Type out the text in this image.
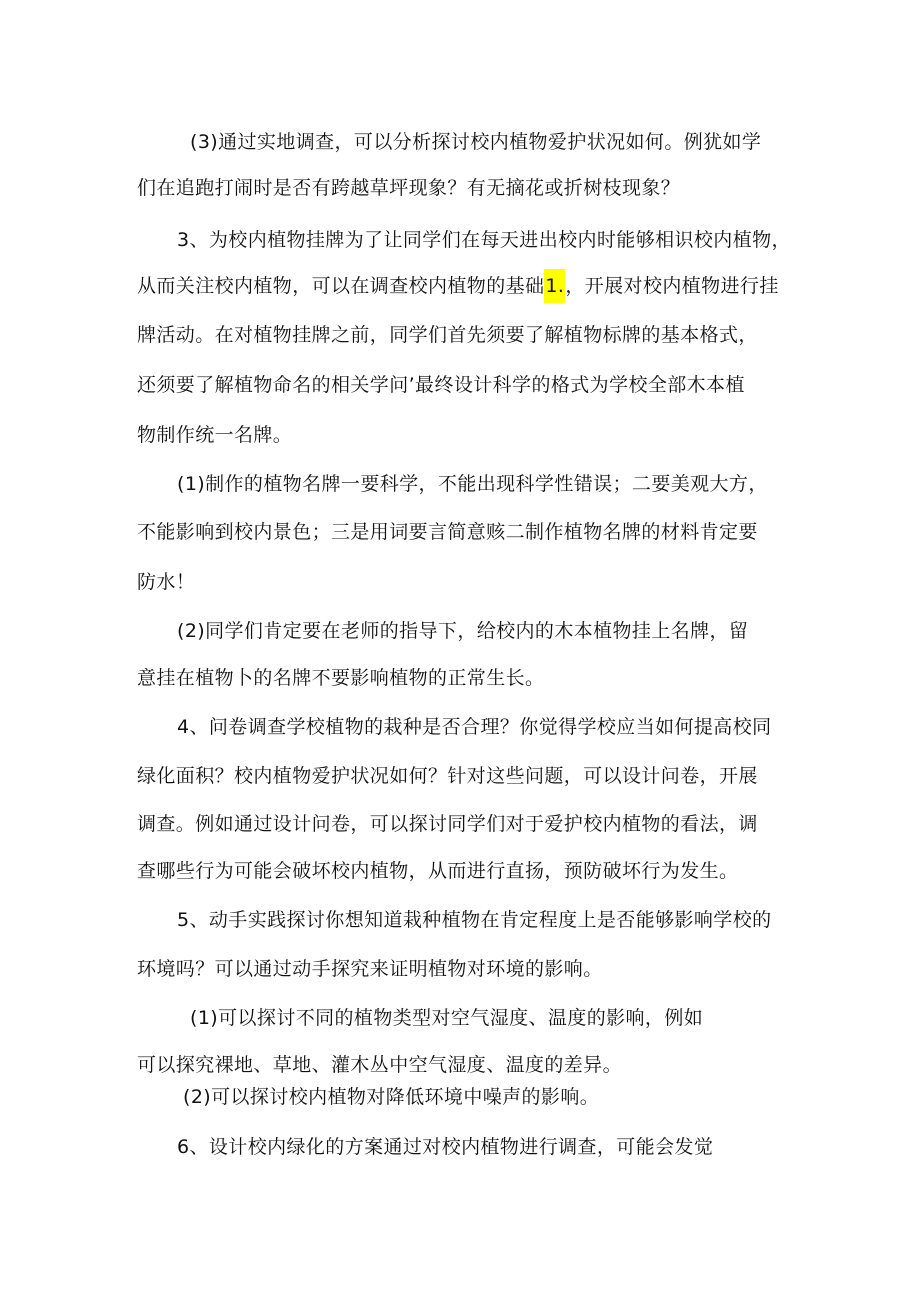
(3)通过实地调查，可以分析探讨校内植物爱护状况如何。例犹如学
们在追跑打闹时是否有跨越草坪现象？有无摘花或折树枝现象？
3、为校内植物挂牌为了让同学们在每天进出校内时能够相识校内植物，
从而关注校内植物，可以在调查校内植物的基础1.，开展对校内植物进行挂
牌活动。在对植物挂牌之前，同学们首先须要了解植物标牌的基本格式，
还须要了解植物命名的相关学问’最终设计科学的格式为学校全部木本植
物制作统一名牌。
(1)制作的植物名牌一要科学，不能出现科学性错误；二要美观大方，
不能影响到校内景色；三是用词要言简意赅二制作植物名牌的材料肯定要
防水！
(2)同学们肯定要在老师的指导下，给校内的木本植物挂上名牌，留
意挂在植物卜的名牌不要影响植物的正常生长。
4、问卷调查学校植物的栽种是否合理？你觉得学校应当如何提高校同
绿化面积？校内植物爱护状况如何？针对这些问题，可以设计问卷，开展
调查。例如通过设计问卷，可以探讨同学们对于爱护校内植物的看法，调
查哪些行为可能会破坏校内植物，从而进行直扬，预防破坏行为发生。
5、动手实践探讨你想知道栽种植物在肯定程度上是否能够影响学校的
环境吗？可以通过动手探究来证明植物对环境的影响。
(1)可以探讨不同的植物类型对空气湿度、温度的影响，例如
可以探究裸地、草地、灌木丛中空气湿度、温度的差异。
(2)可以探讨校内植物对降低环境中噪声的影响。
6、设计校内绿化的方案通过对校内植物进行调查，可能会发觉
